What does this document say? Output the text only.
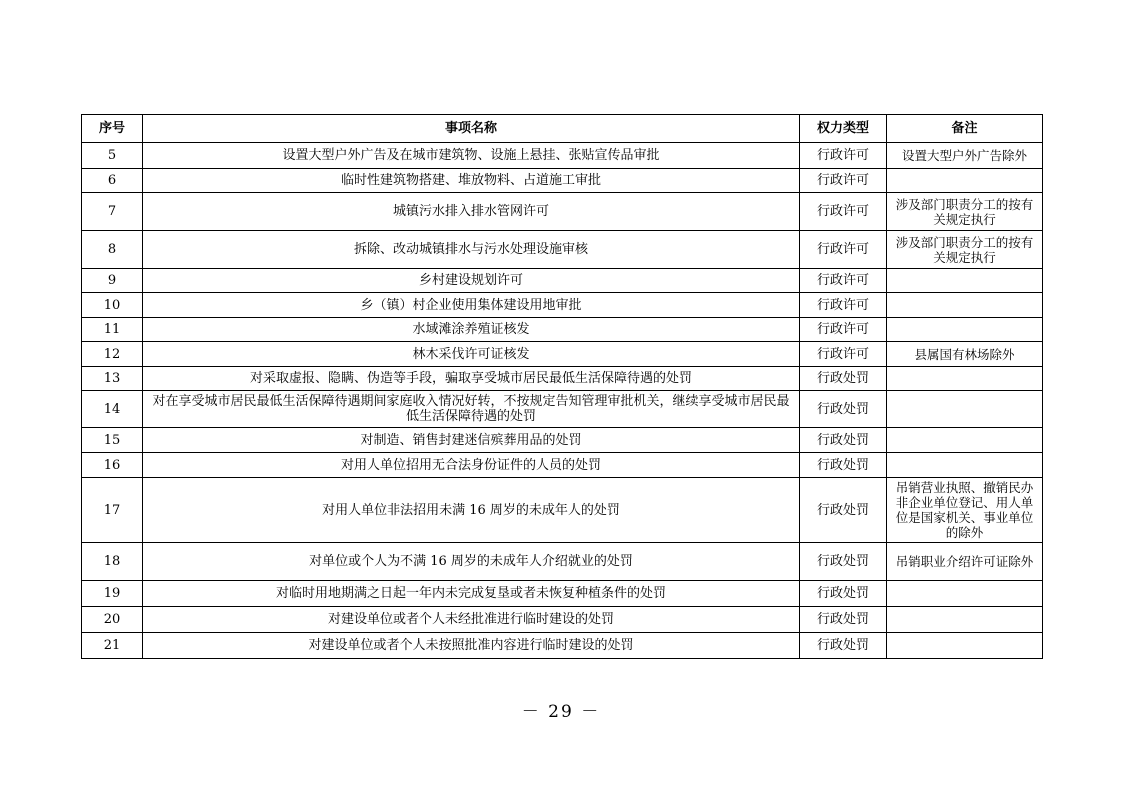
序号	事项名称	权力类型	备注
5	设置大型户外广告及在城市建筑物、设施上悬挂、张贴宣传品审批	行政许可	设置大型户外广告除外
6	临时性建筑物搭建、堆放物料、占道施工审批	行政许可	
7	城镇污水排入排水管网许可	行政许可	涉及部门职责分工的按有关规定执行
8	拆除、改动城镇排水与污水处理设施审核	行政许可	涉及部门职责分工的按有关规定执行
9	乡村建设规划许可	行政许可	
10	乡（镇）村企业使用集体建设用地审批	行政许可	
11	水域滩涂养殖证核发	行政许可	
12	林木采伐许可证核发	行政许可	县属国有林场除外
13	对采取虚报、隐瞒、伪造等手段，骗取享受城市居民最低生活保障待遇的处罚	行政处罚	
14	对在享受城市居民最低生活保障待遇期间家庭收入情况好转，不按规定告知管理审批机关，继续享受城市居民最低生活保障待遇的处罚	行政处罚	
15	对制造、销售封建迷信殡葬用品的处罚	行政处罚	
16	对用人单位招用无合法身份证件的人员的处罚	行政处罚	
17	对用人单位非法招用未满 16 周岁的未成年人的处罚	行政处罚	吊销营业执照、撤销民办非企业单位登记、用人单位是国家机关、事业单位的除外
18	对单位或个人为不满 16 周岁的未成年人介绍就业的处罚	行政处罚	吊销职业介绍许可证除外
19	对临时用地期满之日起一年内未完成复垦或者未恢复种植条件的处罚	行政处罚	
20	对建设单位或者个人未经批准进行临时建设的处罚	行政处罚	
21	对建设单位或者个人未按照批准内容进行临时建设的处罚	行政处罚	
－ 29 －
